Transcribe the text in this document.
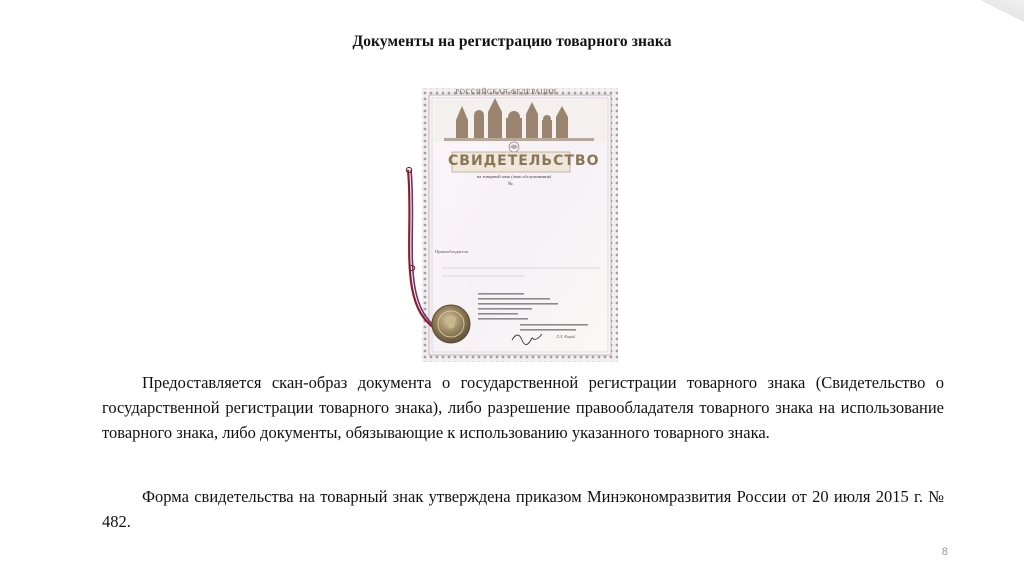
Документы на регистрацию товарного знака
РОССИЙСКАЯ ФЕДЕРАЦИЯ
СВИДЕТЕЛЬСТВО
на товарный знак (знак обслуживания)
№
Правообладатель:
Л.Л. Кирий

Предоставляется скан-образ документа о государственной регистрации товарного знака (Свидетельство о государственной регистрации товарного знака), либо разрешение правообладателя товарного знака на использование товарного знака, либо документы, обязывающие к использованию указанного товарного знака.

Форма свидетельства на товарный знак утверждена приказом Минэкономразвития России от 20 июля 2015 г. № 482.

8
